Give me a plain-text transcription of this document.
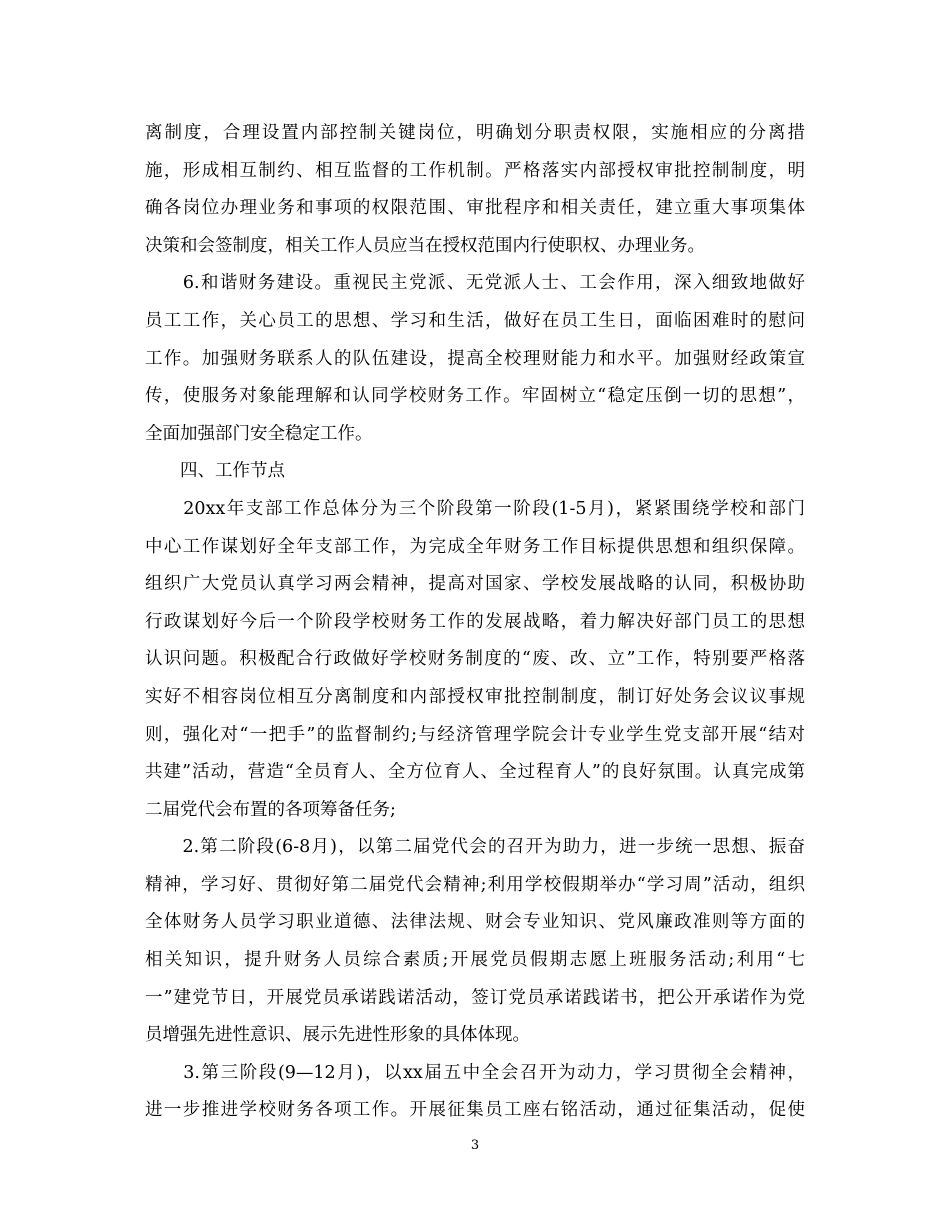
离制度，合理设置内部控制关键岗位，明确划分职责权限，实施相应的分离措
施，形成相互制约、相互监督的工作机制。严格落实内部授权审批控制制度，明
确各岗位办理业务和事项的权限范围、审批程序和相关责任，建立重大事项集体
决策和会签制度，相关工作人员应当在授权范围内行使职权、办理业务。
　　6.和谐财务建设。重视民主党派、无党派人士、工会作用，深入细致地做好
员工工作，关心员工的思想、学习和生活，做好在员工生日，面临困难时的慰问
工作。加强财务联系人的队伍建设，提高全校理财能力和水平。加强财经政策宣
传，使服务对象能理解和认同学校财务工作。牢固树立“稳定压倒一切的思想”，
全面加强部门安全稳定工作。
　　四、工作节点
　　20xx年支部工作总体分为三个阶段第一阶段(1-5月)，紧紧围绕学校和部门
中心工作谋划好全年支部工作，为完成全年财务工作目标提供思想和组织保障。
组织广大党员认真学习两会精神，提高对国家、学校发展战略的认同，积极协助
行政谋划好今后一个阶段学校财务工作的发展战略，着力解决好部门员工的思想
认识问题。积极配合行政做好学校财务制度的“废、改、立”工作，特别要严格落
实好不相容岗位相互分离制度和内部授权审批控制制度，制订好处务会议议事规
则，强化对“一把手”的监督制约;与经济管理学院会计专业学生党支部开展“结对
共建”活动，营造“全员育人、全方位育人、全过程育人”的良好氛围。认真完成第
二届党代会布置的各项筹备任务;
　　2.第二阶段(6-8月)，以第二届党代会的召开为助力，进一步统一思想、振奋
精神，学习好、贯彻好第二届党代会精神;利用学校假期举办“学习周”活动，组织
全体财务人员学习职业道德、法律法规、财会专业知识、党风廉政准则等方面的
相关知识，提升财务人员综合素质;开展党员假期志愿上班服务活动;利用“七
一”建党节日，开展党员承诺践诺活动，签订党员承诺践诺书，把公开承诺作为党
员增强先进性意识、展示先进性形象的具体体现。
　　3.第三阶段(9—12月)，以xx届五中全会召开为动力，学习贯彻全会精神，
进一步推进学校财务各项工作。开展征集员工座右铭活动，通过征集活动，促使
3
